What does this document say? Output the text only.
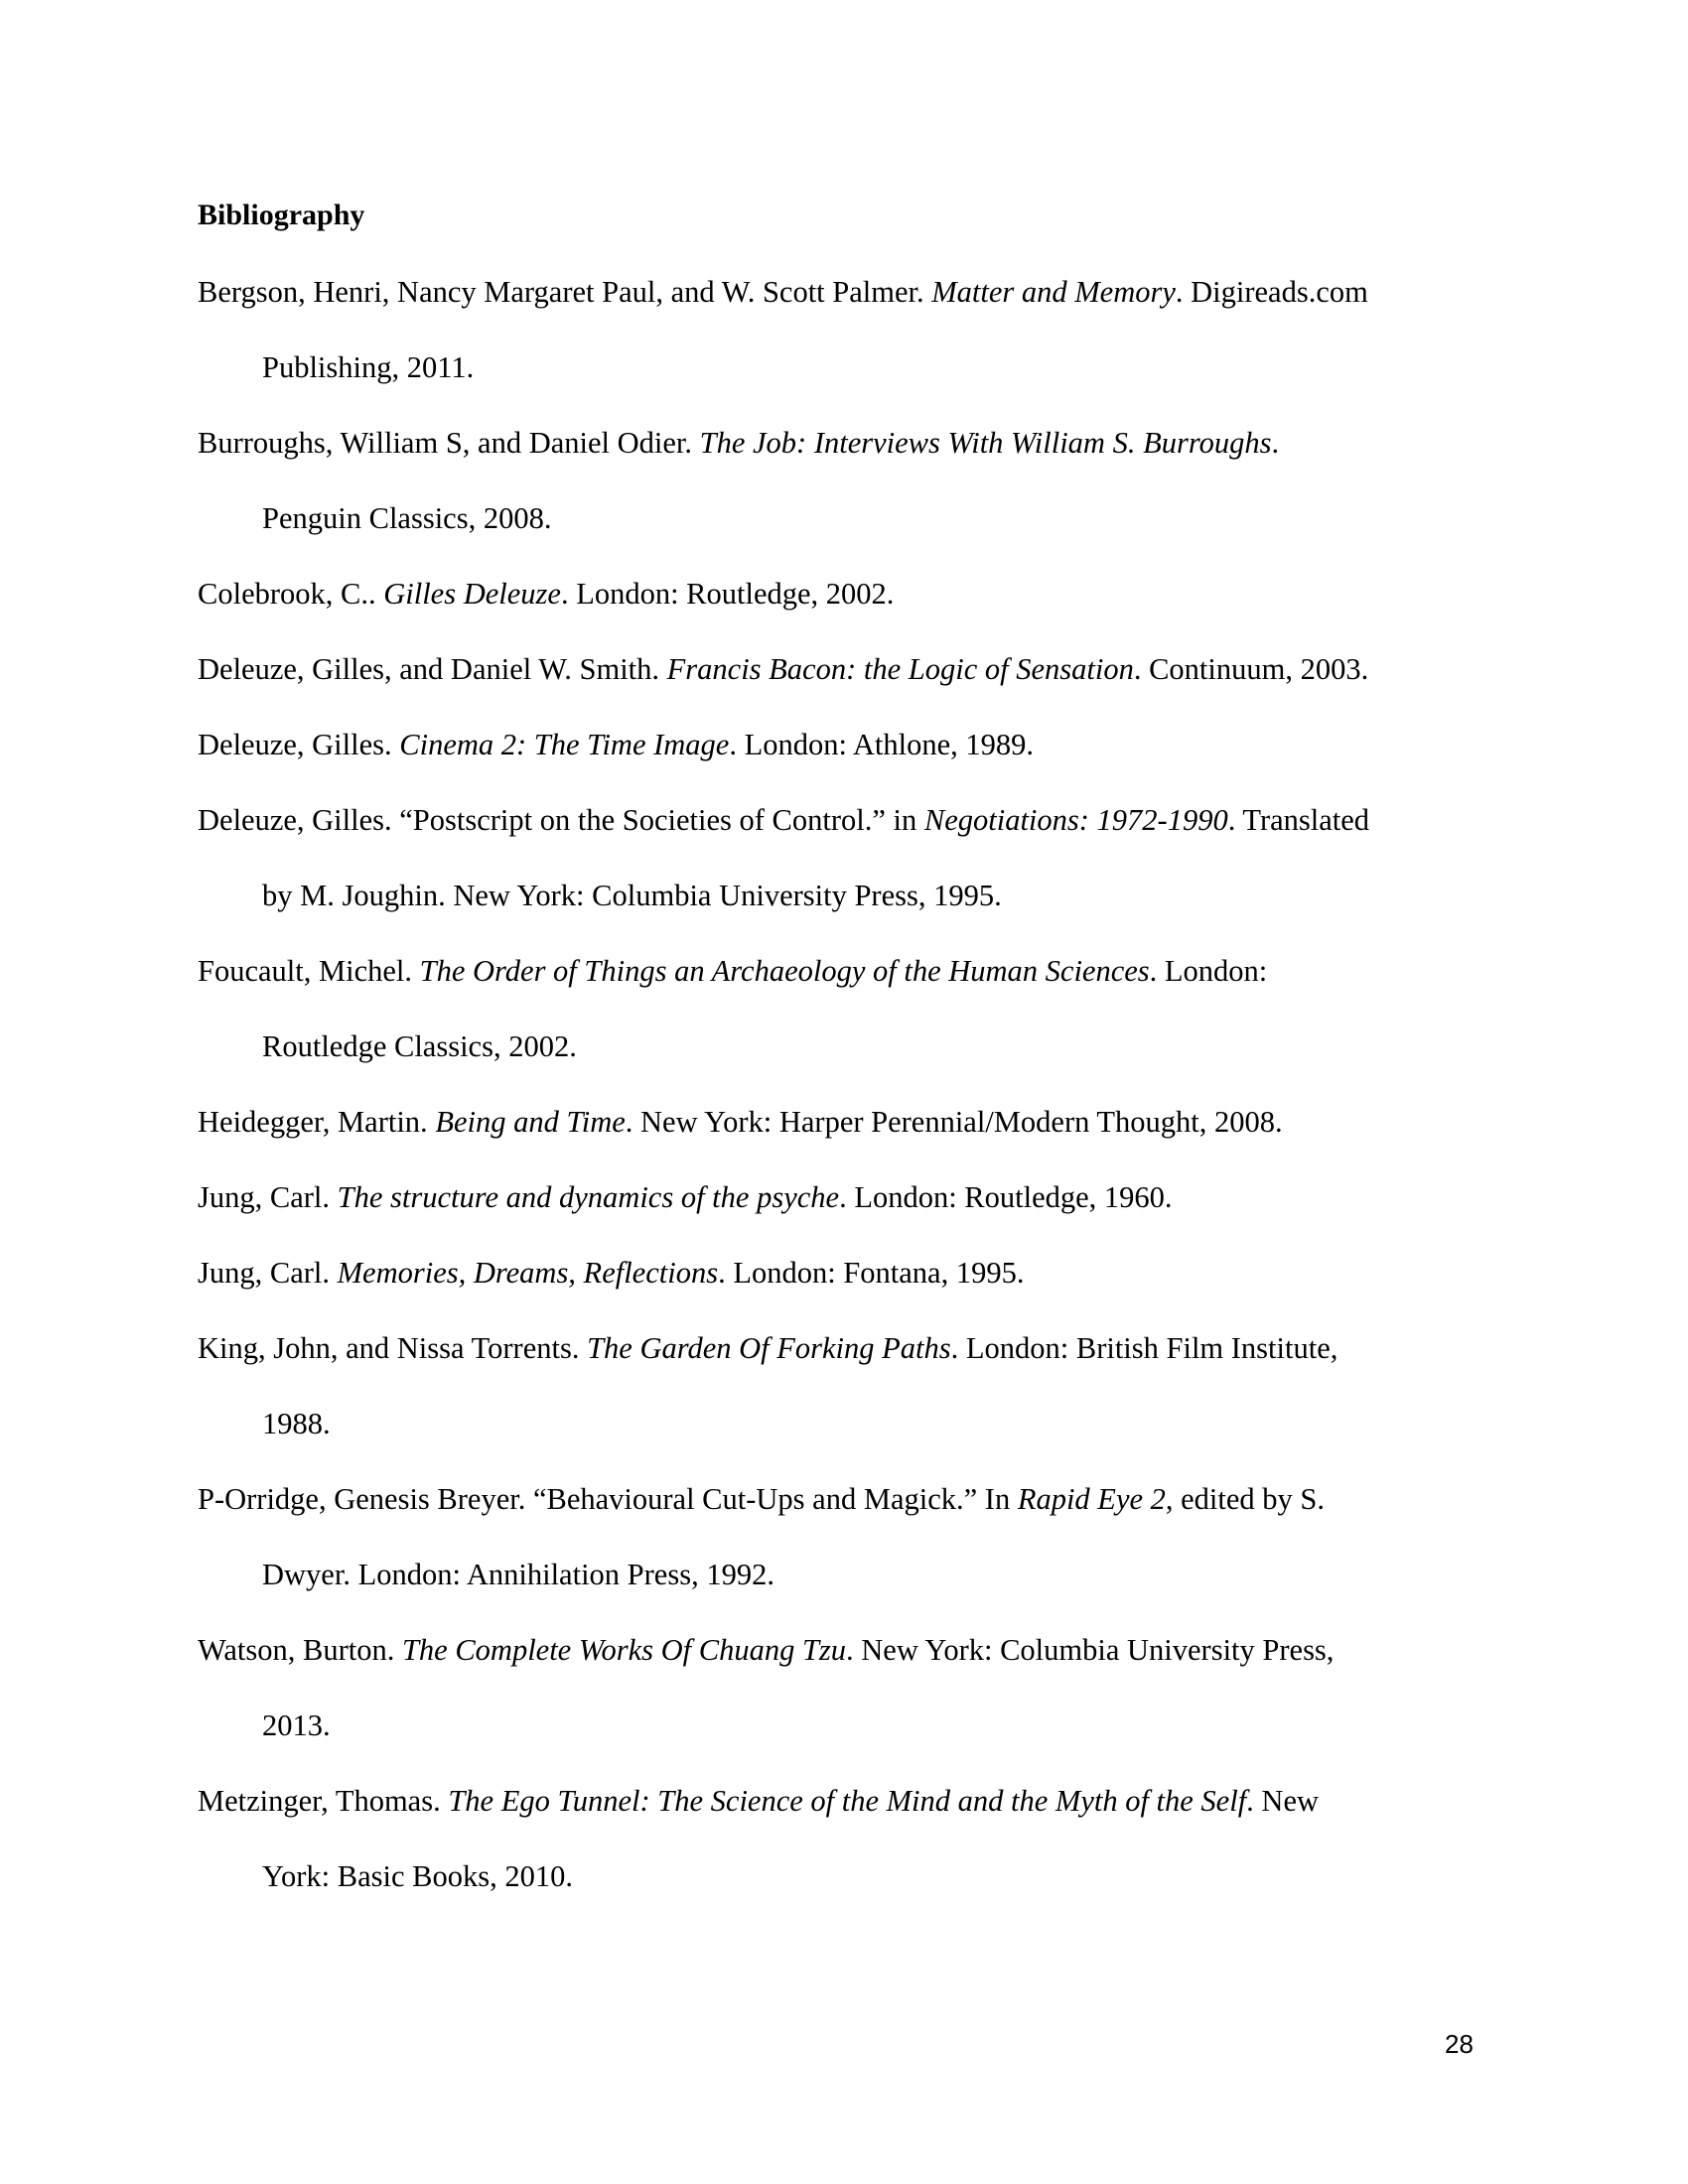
Bibliography
Bergson, Henri, Nancy Margaret Paul, and W. Scott Palmer. Matter and Memory. Digireads.com
Publishing, 2011.
Burroughs, William S, and Daniel Odier. The Job: Interviews With William S. Burroughs.
Penguin Classics, 2008.
Colebrook, C.. Gilles Deleuze. London: Routledge, 2002.
Deleuze, Gilles, and Daniel W. Smith. Francis Bacon: the Logic of Sensation. Continuum, 2003.
Deleuze, Gilles. Cinema 2: The Time Image. London: Athlone, 1989.
Deleuze, Gilles. “Postscript on the Societies of Control.” in Negotiations: 1972-1990. Translated
by M. Joughin. New York: Columbia University Press, 1995.
Foucault, Michel. The Order of Things an Archaeology of the Human Sciences. London:
Routledge Classics, 2002.
Heidegger, Martin. Being and Time. New York: Harper Perennial/Modern Thought, 2008.
Jung, Carl. The structure and dynamics of the psyche. London: Routledge, 1960.
Jung, Carl. Memories, Dreams, Reflections. London: Fontana, 1995.
King, John, and Nissa Torrents. The Garden Of Forking Paths. London: British Film Institute,
1988.
P-Orridge, Genesis Breyer. “Behavioural Cut-Ups and Magick.” In Rapid Eye 2, edited by S.
Dwyer. London: Annihilation Press, 1992.
Watson, Burton. The Complete Works Of Chuang Tzu. New York: Columbia University Press,
2013.
Metzinger, Thomas. The Ego Tunnel: The Science of the Mind and the Myth of the Self. New
York: Basic Books, 2010.
28
